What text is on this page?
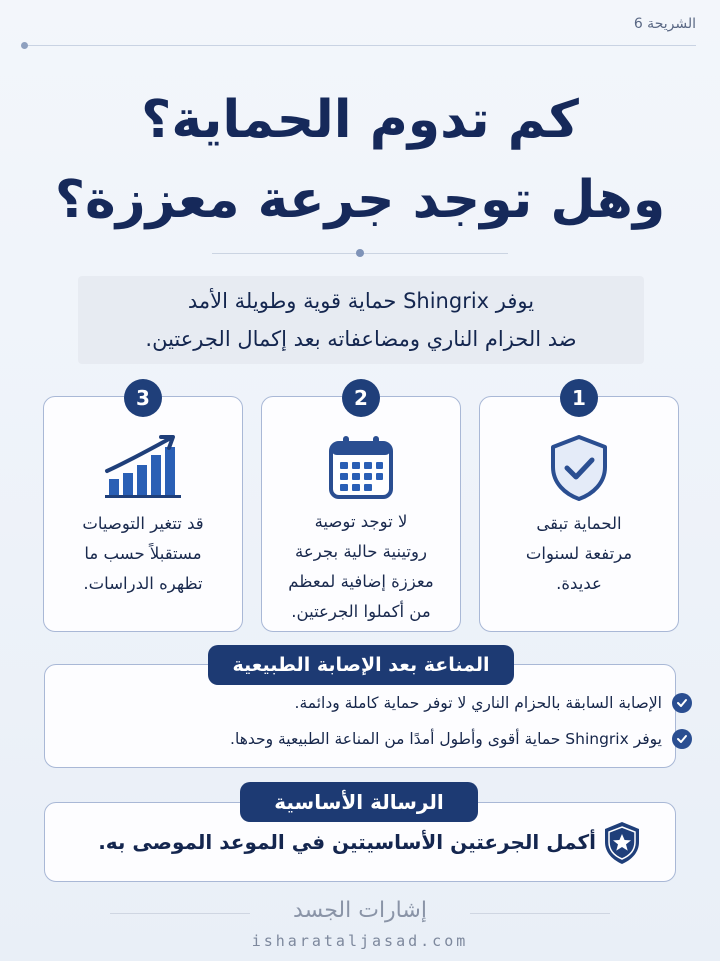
الشريحة 6
كم تدوم الحماية؟
وهل توجد جرعة معززة؟
يوفر Shingrix حماية قوية وطويلة الأمد
ضد الحزام الناري ومضاعفاته بعد إكمال الجرعتين.
1
الحماية تبقى
مرتفعة لسنوات
عديدة.
2
لا توجد توصية
روتينية حالية بجرعة
معززة إضافية لمعظم
من أكملوا الجرعتين.
3
قد تتغير التوصيات
مستقبلاً حسب ما
تظهره الدراسات.
المناعة بعد الإصابة الطبيعية
الإصابة السابقة بالحزام الناري لا توفر حماية كاملة ودائمة.
يوفر Shingrix حماية أقوى وأطول أمدًا من المناعة الطبيعية وحدها.
الرسالة الأساسية
أكمل الجرعتين الأساسيتين في الموعد الموصى به.
إشارات الجسد
isharataljasad.com
